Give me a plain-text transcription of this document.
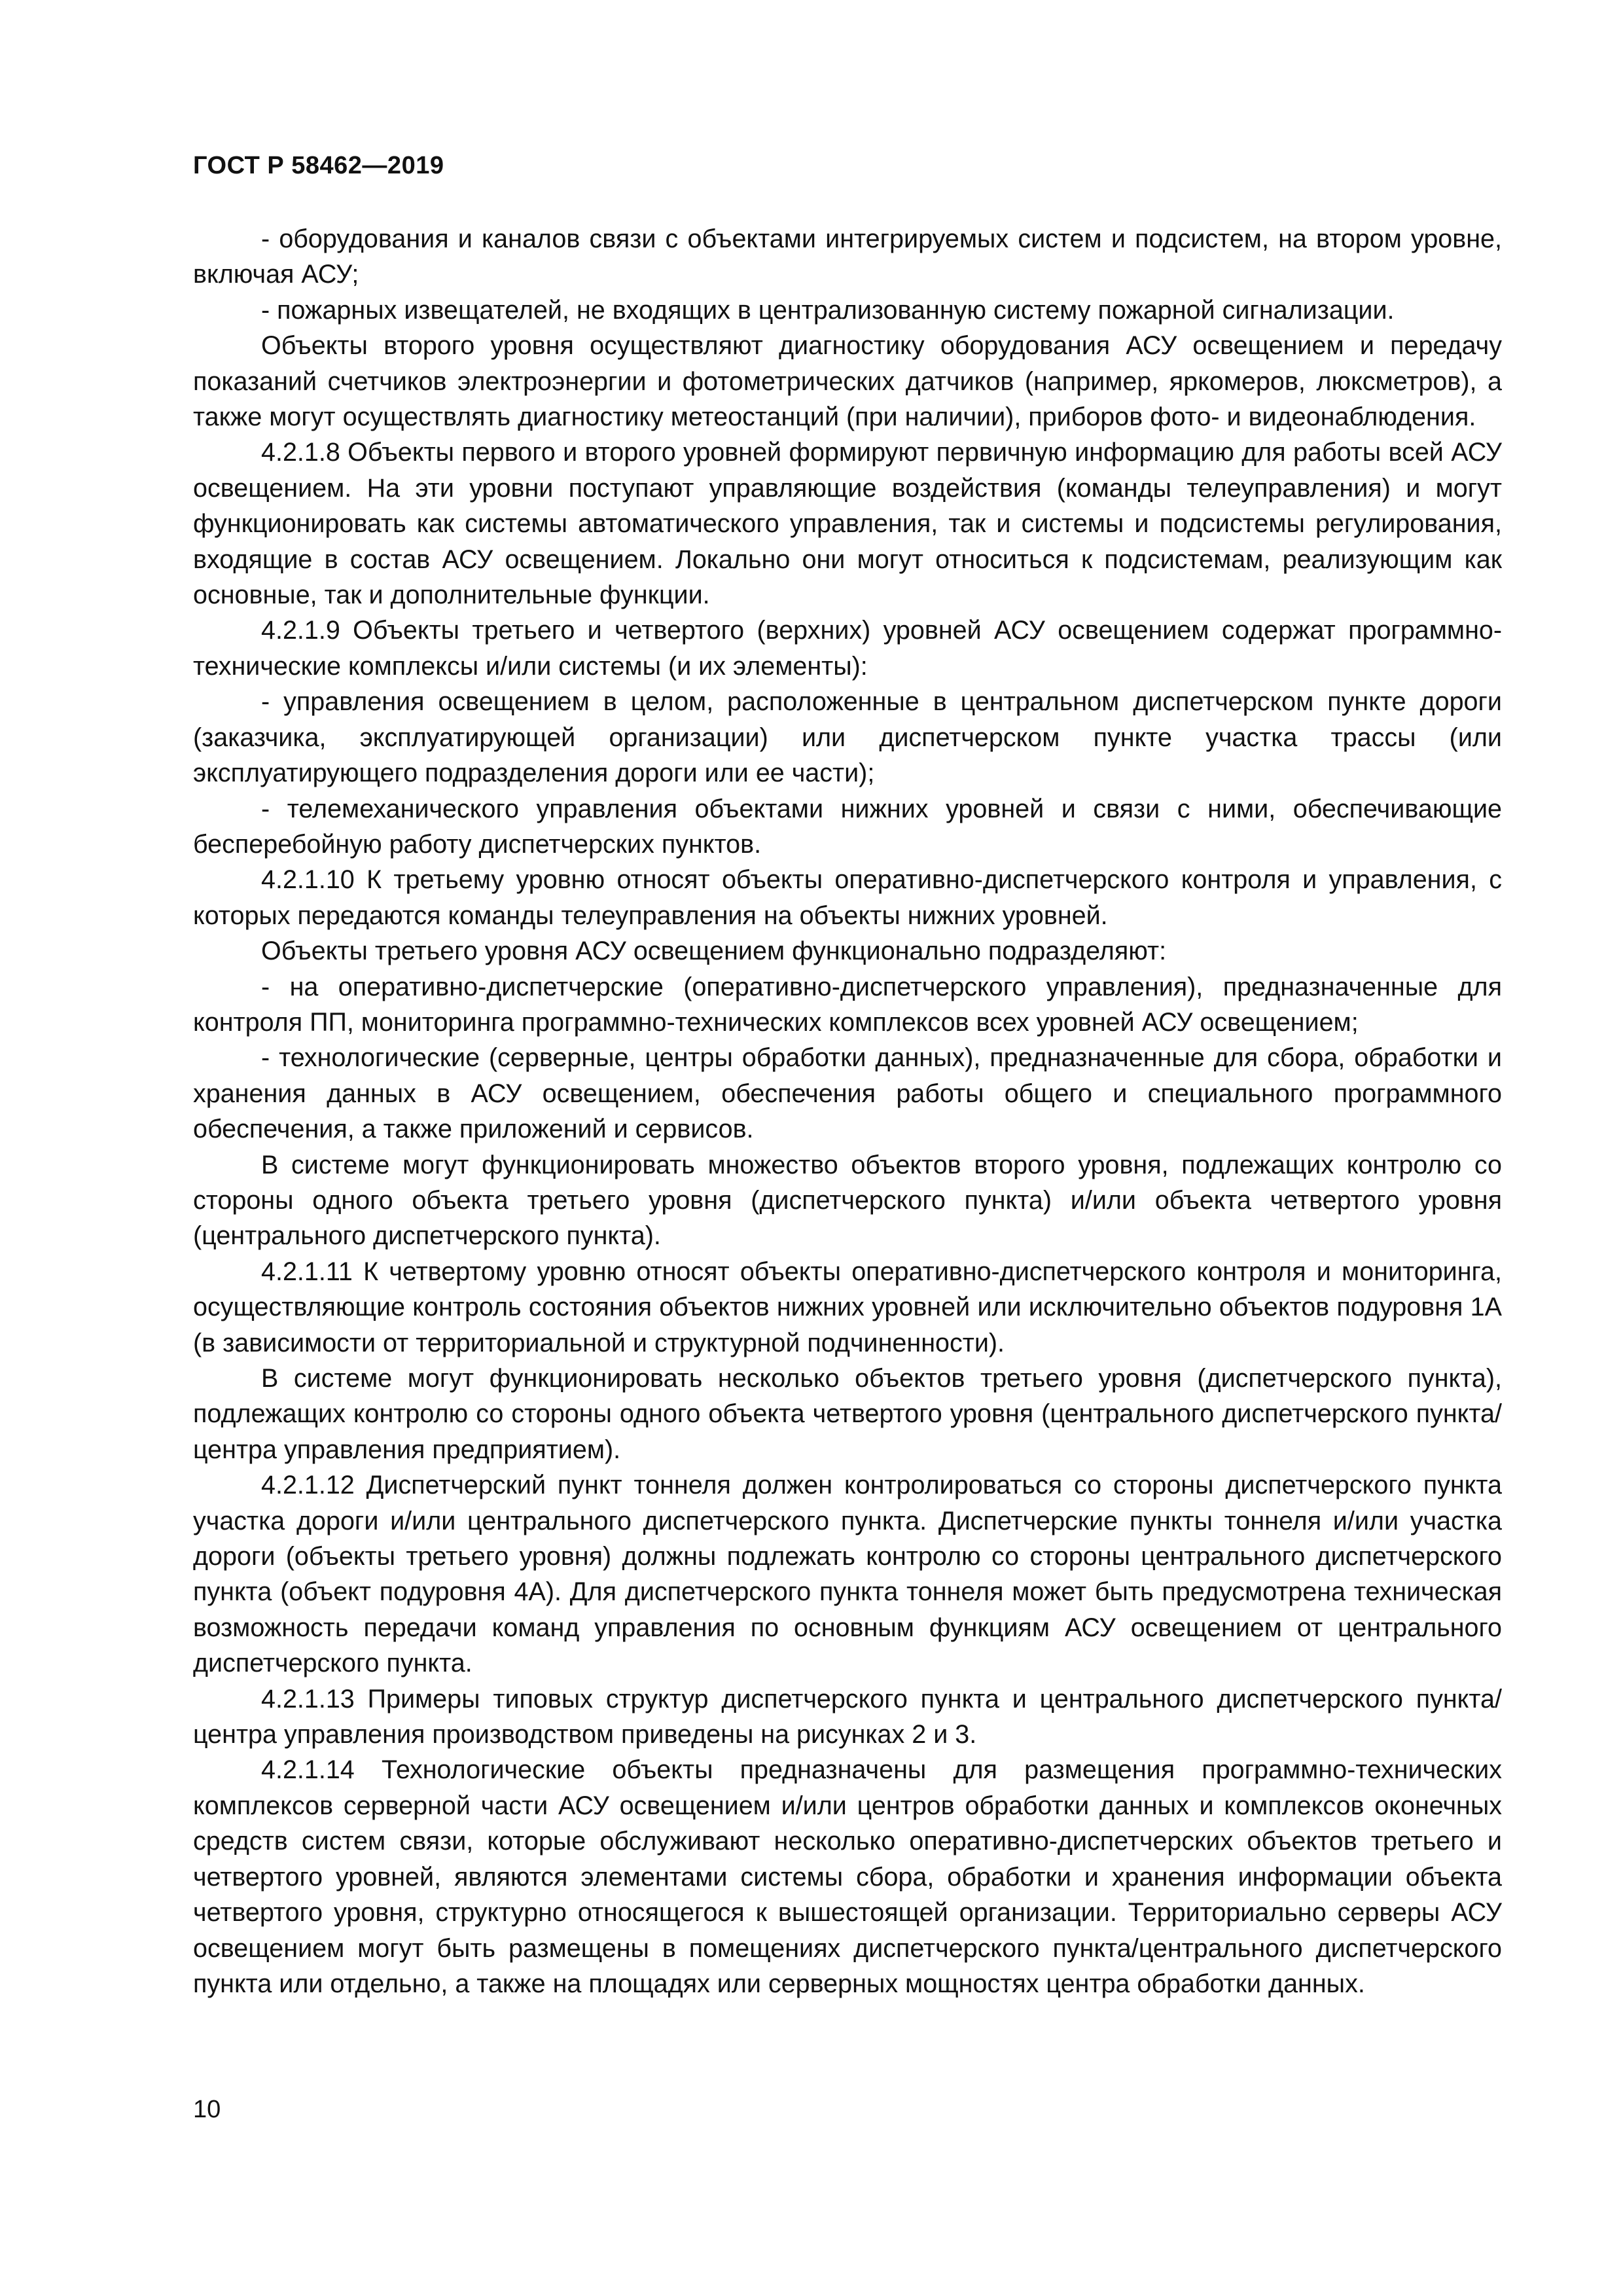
ГОСТ Р 58462—2019

- оборудования и каналов связи с объектами интегрируемых систем и подсистем, на втором уровне, включая АСУ;

- пожарных извещателей, не входящих в централизованную систему пожарной сигнализации.

Объекты второго уровня осуществляют диагностику оборудования АСУ освещением и передачу показаний счетчиков электроэнергии и фотометрических датчиков (например, яркомеров, люксметров), а также могут осуществлять диагностику метеостанций (при наличии), приборов фото- и видеонаблюдения.

4.2.1.8 Объекты первого и второго уровней формируют первичную информацию для работы всей АСУ освещением. На эти уровни поступают управляющие воздействия (команды телеуправления) и могут функционировать как системы автоматического управления, так и системы и подсистемы регулирования, входящие в состав АСУ освещением. Локально они могут относиться к подсистемам, реализующим как основные, так и дополнительные функции.

4.2.1.9 Объекты третьего и четвертого (верхних) уровней АСУ освещением содержат программно-технические комплексы и/или системы (и их элементы):

- управления освещением в целом, расположенные в центральном диспетчерском пункте дороги (заказчика, эксплуатирующей организации) или диспетчерском пункте участка трассы (или эксплуатирующего подразделения дороги или ее части);

- телемеханического управления объектами нижних уровней и связи с ними, обеспечивающие бесперебойную работу диспетчерских пунктов.

4.2.1.10 К третьему уровню относят объекты оперативно-диспетчерского контроля и управления, с которых передаются команды телеуправления на объекты нижних уровней.

Объекты третьего уровня АСУ освещением функционально подразделяют:

- на оперативно-диспетчерские (оперативно-диспетчерского управления), предназначенные для контроля ПП, мониторинга программно-технических комплексов всех уровней АСУ освещением;

- технологические (серверные, центры обработки данных), предназначенные для сбора, обработки и хранения данных в АСУ освещением, обеспечения работы общего и специального программного обеспечения, а также приложений и сервисов.

В системе могут функционировать множество объектов второго уровня, подлежащих контролю со стороны одного объекта третьего уровня (диспетчерского пункта) и/или объекта четвертого уровня (центрального диспетчерского пункта).

4.2.1.11 К четвертому уровню относят объекты оперативно-диспетчерского контроля и мониторинга, осуществляющие контроль состояния объектов нижних уровней или исключительно объектов подуровня 1А (в зависимости от территориальной и структурной подчиненности).

В системе могут функционировать несколько объектов третьего уровня (диспетчерского пункта), подлежащих контролю со стороны одного объекта четвертого уровня (центрального диспетчерского пункта/центра управления предприятием).

4.2.1.12 Диспетчерский пункт тоннеля должен контролироваться со стороны диспетчерского пункта участка дороги и/или центрального диспетчерского пункта. Диспетчерские пункты тоннеля и/или участка дороги (объекты третьего уровня) должны подлежать контролю со стороны центрального диспетчерского пункта (объект подуровня 4А). Для диспетчерского пункта тоннеля может быть предусмотрена техническая возможность передачи команд управления по основным функциям АСУ освещением от центрального диспетчерского пункта.

4.2.1.13 Примеры типовых структур диспетчерского пункта и центрального диспетчерского пункта/центра управления производством приведены на рисунках 2 и 3.

4.2.1.14 Технологические объекты предназначены для размещения программно-технических комплексов серверной части АСУ освещением и/или центров обработки данных и комплексов оконечных средств систем связи, которые обслуживают несколько оперативно-диспетчерских объектов третьего и четвертого уровней, являются элементами системы сбора, обработки и хранения информации объекта четвертого уровня, структурно относящегося к вышестоящей организации. Территориально серверы АСУ освещением могут быть размещены в помещениях диспетчерского пункта/центрального диспетчерского пункта или отдельно, а также на площадях или серверных мощностях центра обработки данных.

10
